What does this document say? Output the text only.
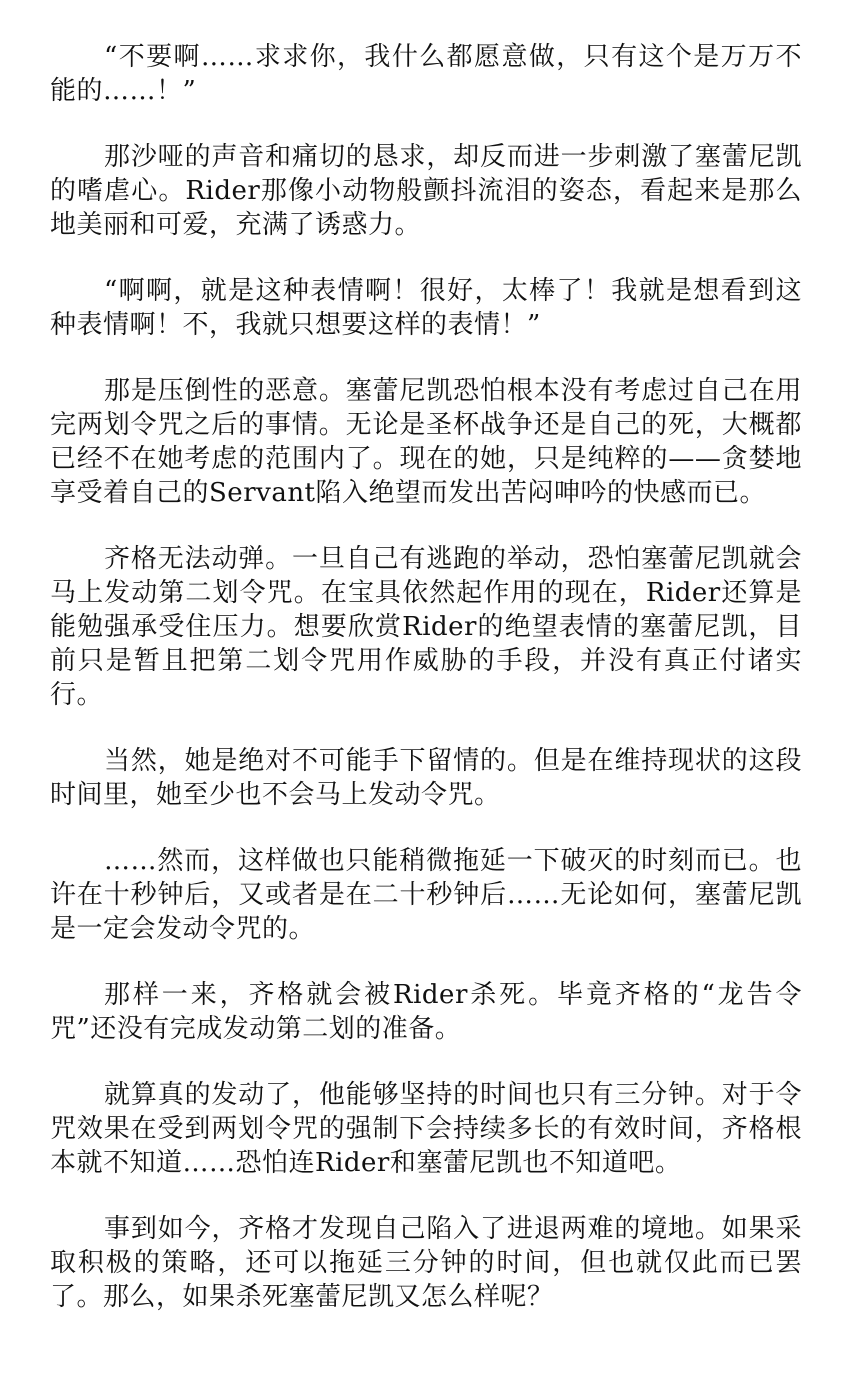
“不要啊……求求你，我什么都愿意做，只有这个是万万不能的……！”

那沙哑的声音和痛切的恳求，却反而进一步刺激了塞蕾尼凯的嗜虐心。Rider那像小动物般颤抖流泪的姿态，看起来是那么地美丽和可爱，充满了诱惑力。

“啊啊，就是这种表情啊！很好，太棒了！我就是想看到这种表情啊！不，我就只想要这样的表情！”

那是压倒性的恶意。塞蕾尼凯恐怕根本没有考虑过自己在用完两划令咒之后的事情。无论是圣杯战争还是自己的死，大概都已经不在她考虑的范围内了。现在的她，只是纯粹的——贪婪地享受着自己的Servant陷入绝望而发出苦闷呻吟的快感而已。

齐格无法动弹。一旦自己有逃跑的举动，恐怕塞蕾尼凯就会马上发动第二划令咒。在宝具依然起作用的现在，Rider还算是能勉强承受住压力。想要欣赏Rider的绝望表情的塞蕾尼凯，目前只是暂且把第二划令咒用作威胁的手段，并没有真正付诸实行。

当然，她是绝对不可能手下留情的。但是在维持现状的这段时间里，她至少也不会马上发动令咒。

……然而，这样做也只能稍微拖延一下破灭的时刻而已。也许在十秒钟后，又或者是在二十秒钟后……无论如何，塞蕾尼凯是一定会发动令咒的。

那样一来，齐格就会被Rider杀死。毕竟齐格的“龙告令咒”还没有完成发动第二划的准备。

就算真的发动了，他能够坚持的时间也只有三分钟。对于令咒效果在受到两划令咒的强制下会持续多长的有效时间，齐格根本就不知道……恐怕连Rider和塞蕾尼凯也不知道吧。

事到如今，齐格才发现自己陷入了进退两难的境地。如果采取积极的策略，还可以拖延三分钟的时间，但也就仅此而已罢了。那么，如果杀死塞蕾尼凯又怎么样呢？
